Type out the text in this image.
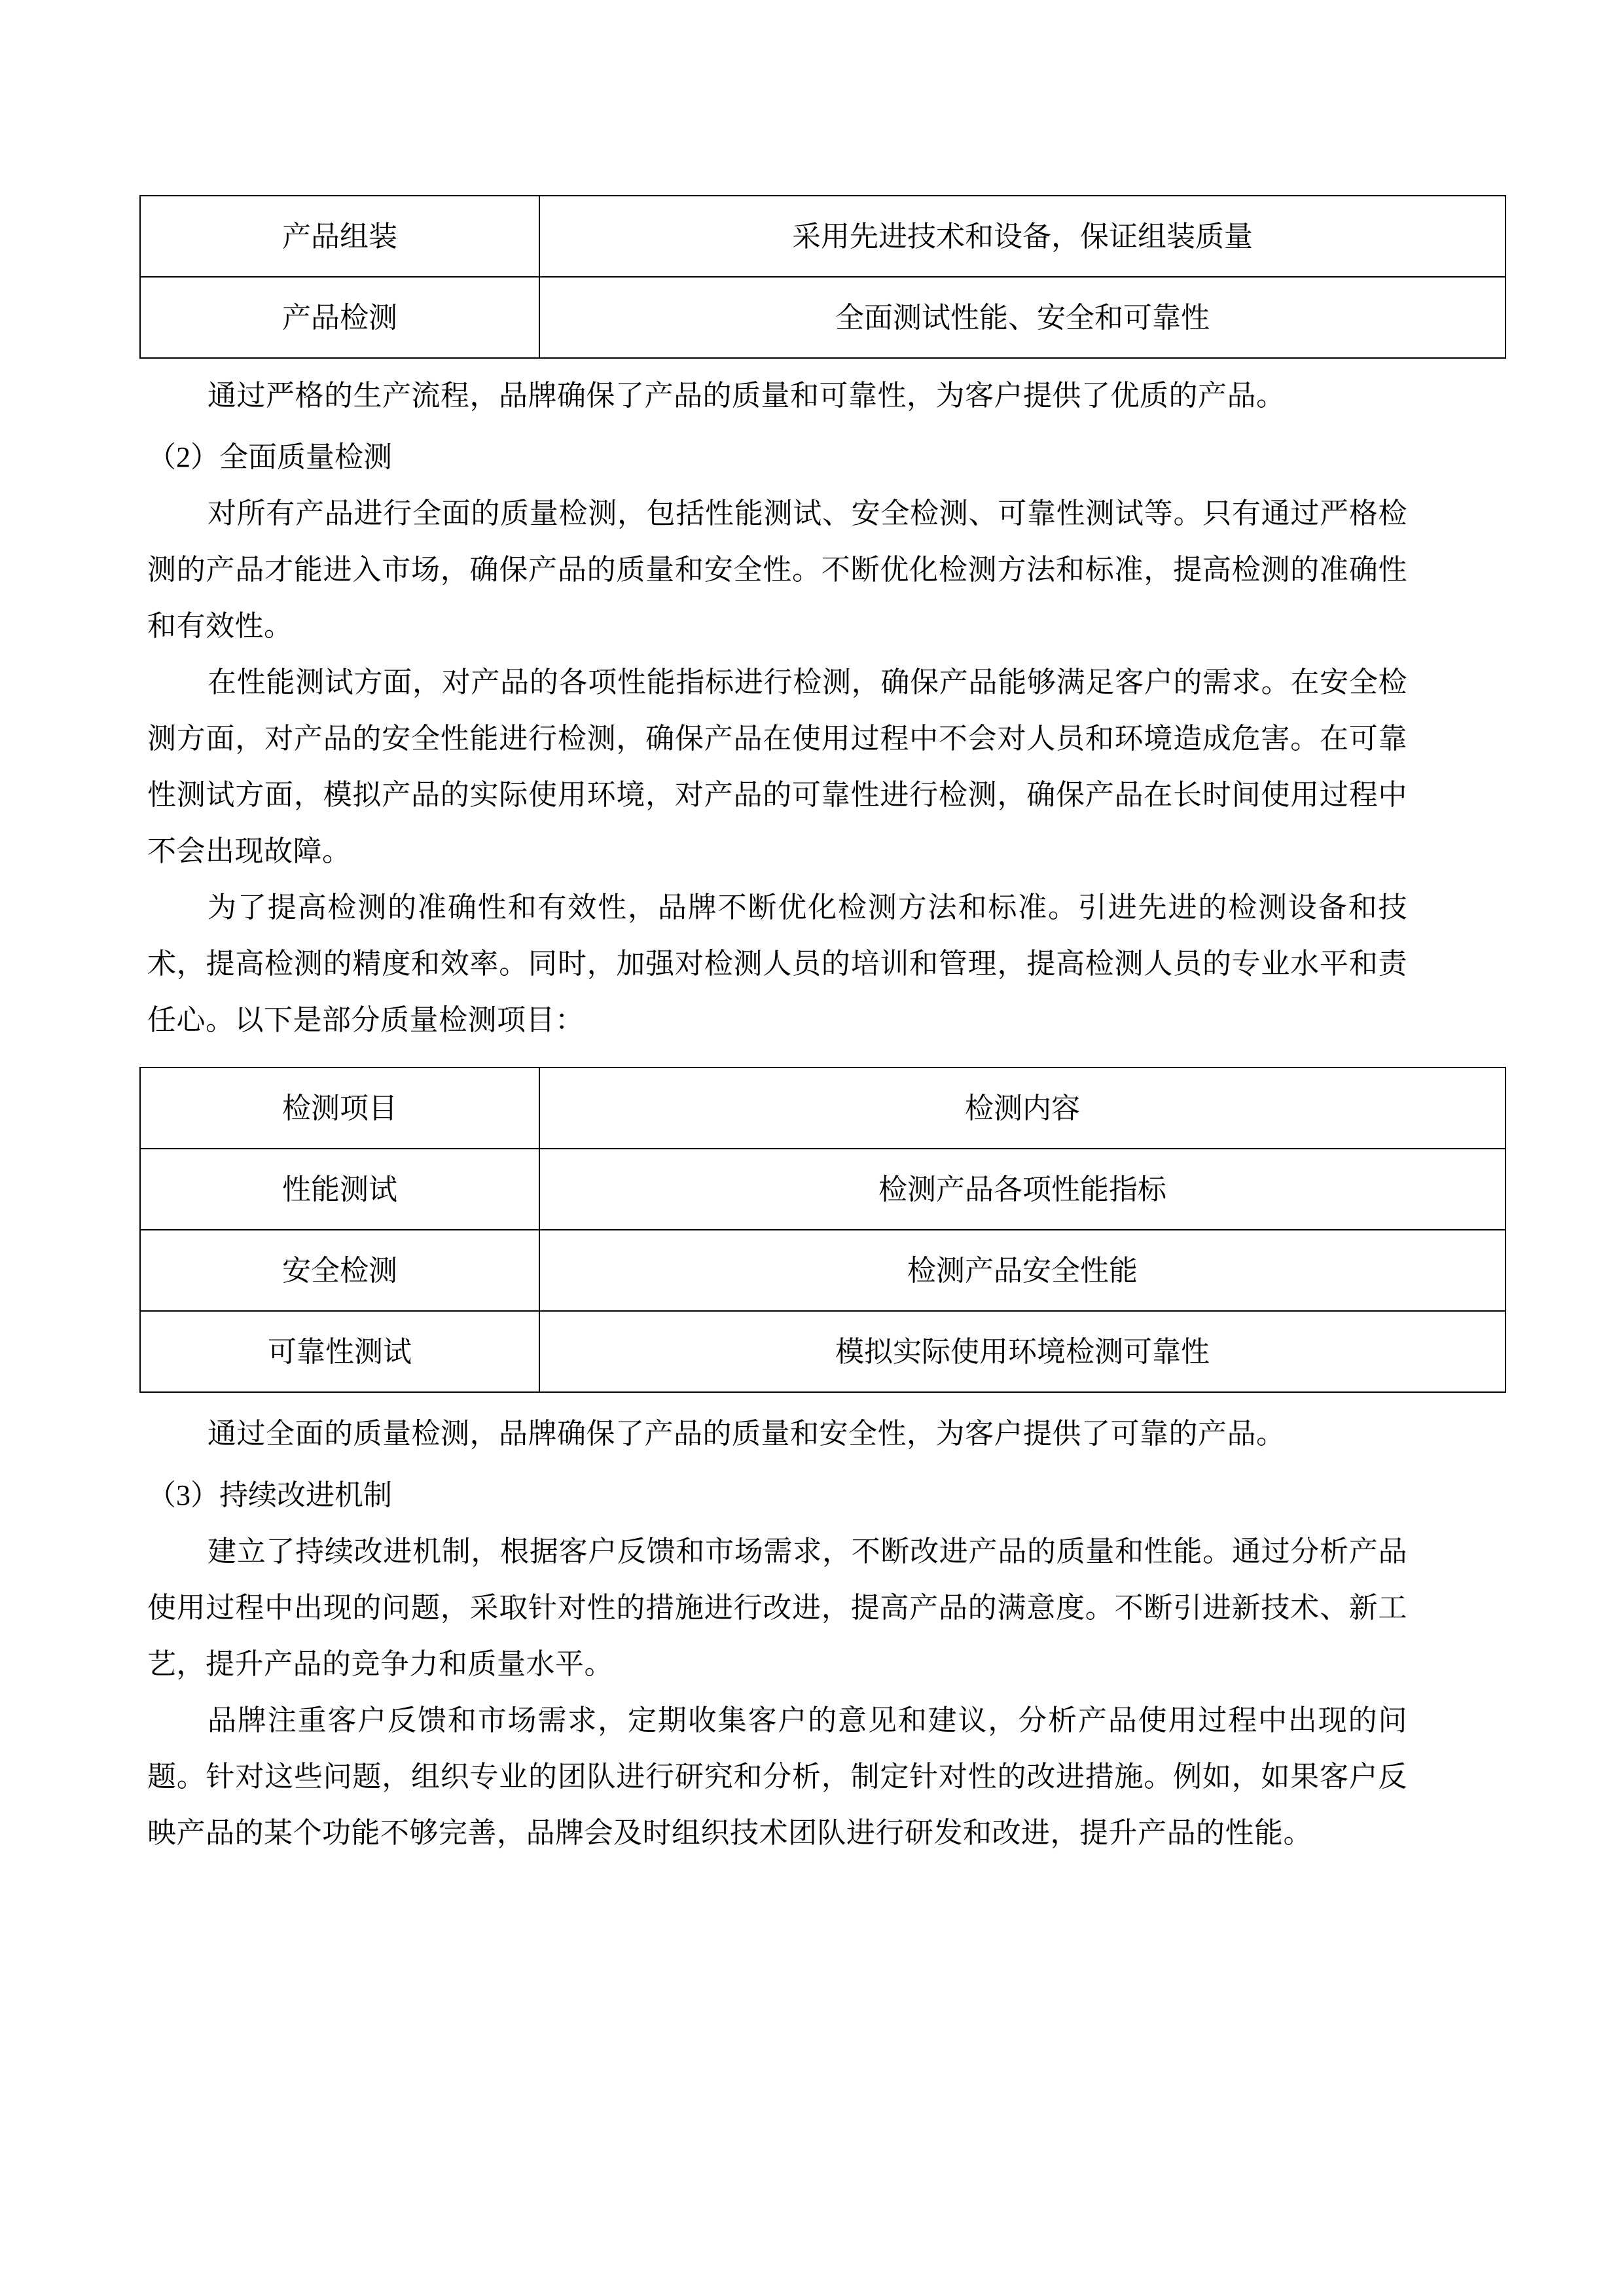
产品组装	采用先进技术和设备，保证组装质量
产品检测	全面测试性能、安全和可靠性

通过严格的生产流程，品牌确保了产品的质量和可靠性，为客户提供了优质的产品。

（2）全面质量检测

对所有产品进行全面的质量检测，包括性能测试、安全检测、可靠性测试等。只有通过严格检测的产品才能进入市场，确保产品的质量和安全性。不断优化检测方法和标准，提高检测的准确性和有效性。

在性能测试方面，对产品的各项性能指标进行检测，确保产品能够满足客户的需求。在安全检测方面，对产品的安全性能进行检测，确保产品在使用过程中不会对人员和环境造成危害。在可靠性测试方面，模拟产品的实际使用环境，对产品的可靠性进行检测，确保产品在长时间使用过程中不会出现故障。

为了提高检测的准确性和有效性，品牌不断优化检测方法和标准。引进先进的检测设备和技术，提高检测的精度和效率。同时，加强对检测人员的培训和管理，提高检测人员的专业水平和责任心。以下是部分质量检测项目：

检测项目	检测内容
性能测试	检测产品各项性能指标
安全检测	检测产品安全性能
可靠性测试	模拟实际使用环境检测可靠性

通过全面的质量检测，品牌确保了产品的质量和安全性，为客户提供了可靠的产品。

（3）持续改进机制

建立了持续改进机制，根据客户反馈和市场需求，不断改进产品的质量和性能。通过分析产品使用过程中出现的问题，采取针对性的措施进行改进，提高产品的满意度。不断引进新技术、新工艺，提升产品的竞争力和质量水平。

品牌注重客户反馈和市场需求，定期收集客户的意见和建议，分析产品使用过程中出现的问题。针对这些问题，组织专业的团队进行研究和分析，制定针对性的改进措施。例如，如果客户反映产品的某个功能不够完善，品牌会及时组织技术团队进行研发和改进，提升产品的性能。
